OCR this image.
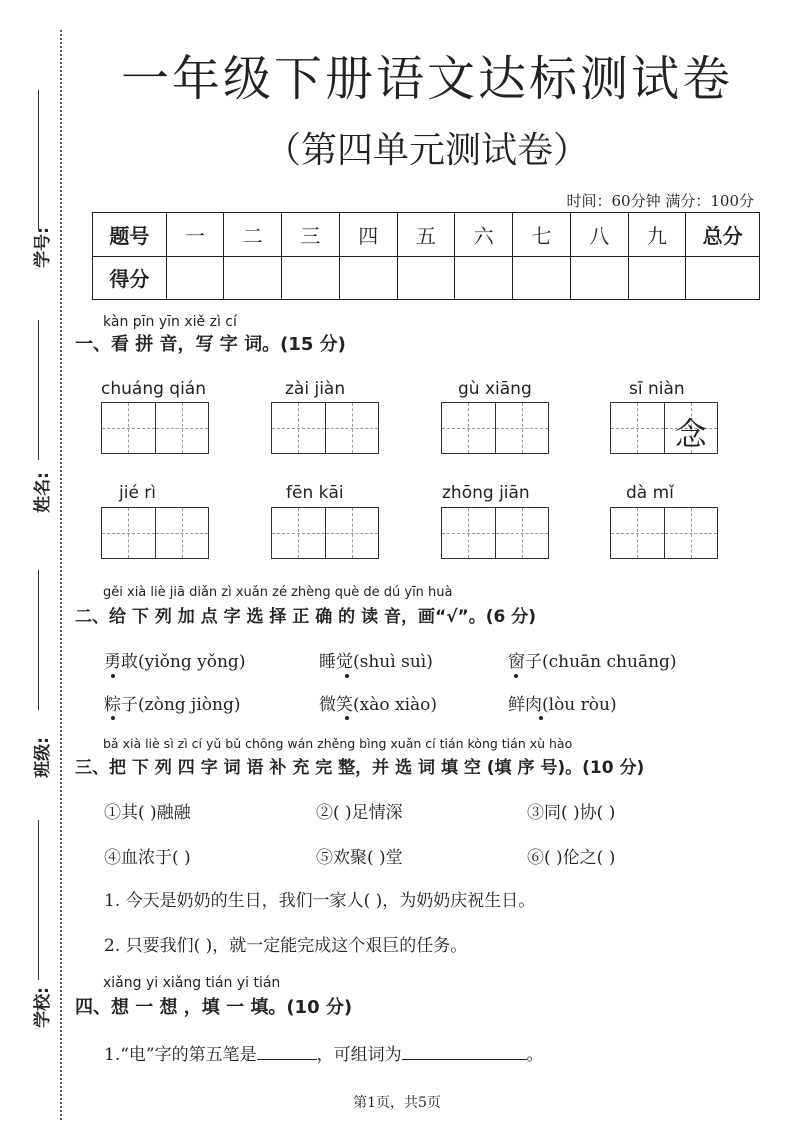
学号:
姓名:
班级:
学校:
一年级下册语文达标测试卷
（第四单元测试卷）
时间：60分钟 满分：100分
题号	一	二	三	四	五	六	七	八	九	总分
得分										
kàn pīn yīn xiě zì cí
一、看 拼 音，写 字 词。(15 分)
chuáng qián	zài jiàn	gù xiāng	sī niàn
念
jié rì	fēn kāi	zhōng jiān	dà mǐ
gěi xià liè jiā diǎn zì xuǎn zé zhèng què de dú yīn huà
二、给 下 列 加 点 字 选 择 正 确 的 读 音，画“√”。(6 分)
勇敢(yiǒng yǒng)	睡觉(shuì suì)	窗子(chuān chuāng)
粽子(zòng jiòng)	微笑(xào xiào)	鲜肉(lòu ròu)
bǎ xià liè sì zì cí yǔ bǔ chōng wán zhěng bìng xuǎn cí tián kòng tián xù hào
三、把 下 列 四 字 词 语 补 充 完 整，并 选 词 填 空 (填 序 号)。(10 分)
①其( )融融	②( )足情深	③同( )协( )
④血浓于( )	⑤欢聚( )堂	⑥( )伦之( )
1. 今天是奶奶的生日，我们一家人( )，为奶奶庆祝生日。
2. 只要我们( )，就一定能完成这个艰巨的任务。
xiǎng yi xiǎng tián yi tián
四、想 一 想 ，填 一 填。(10 分)
1.“电”字的第五笔是	，可组词为	。
第1页，共5页
